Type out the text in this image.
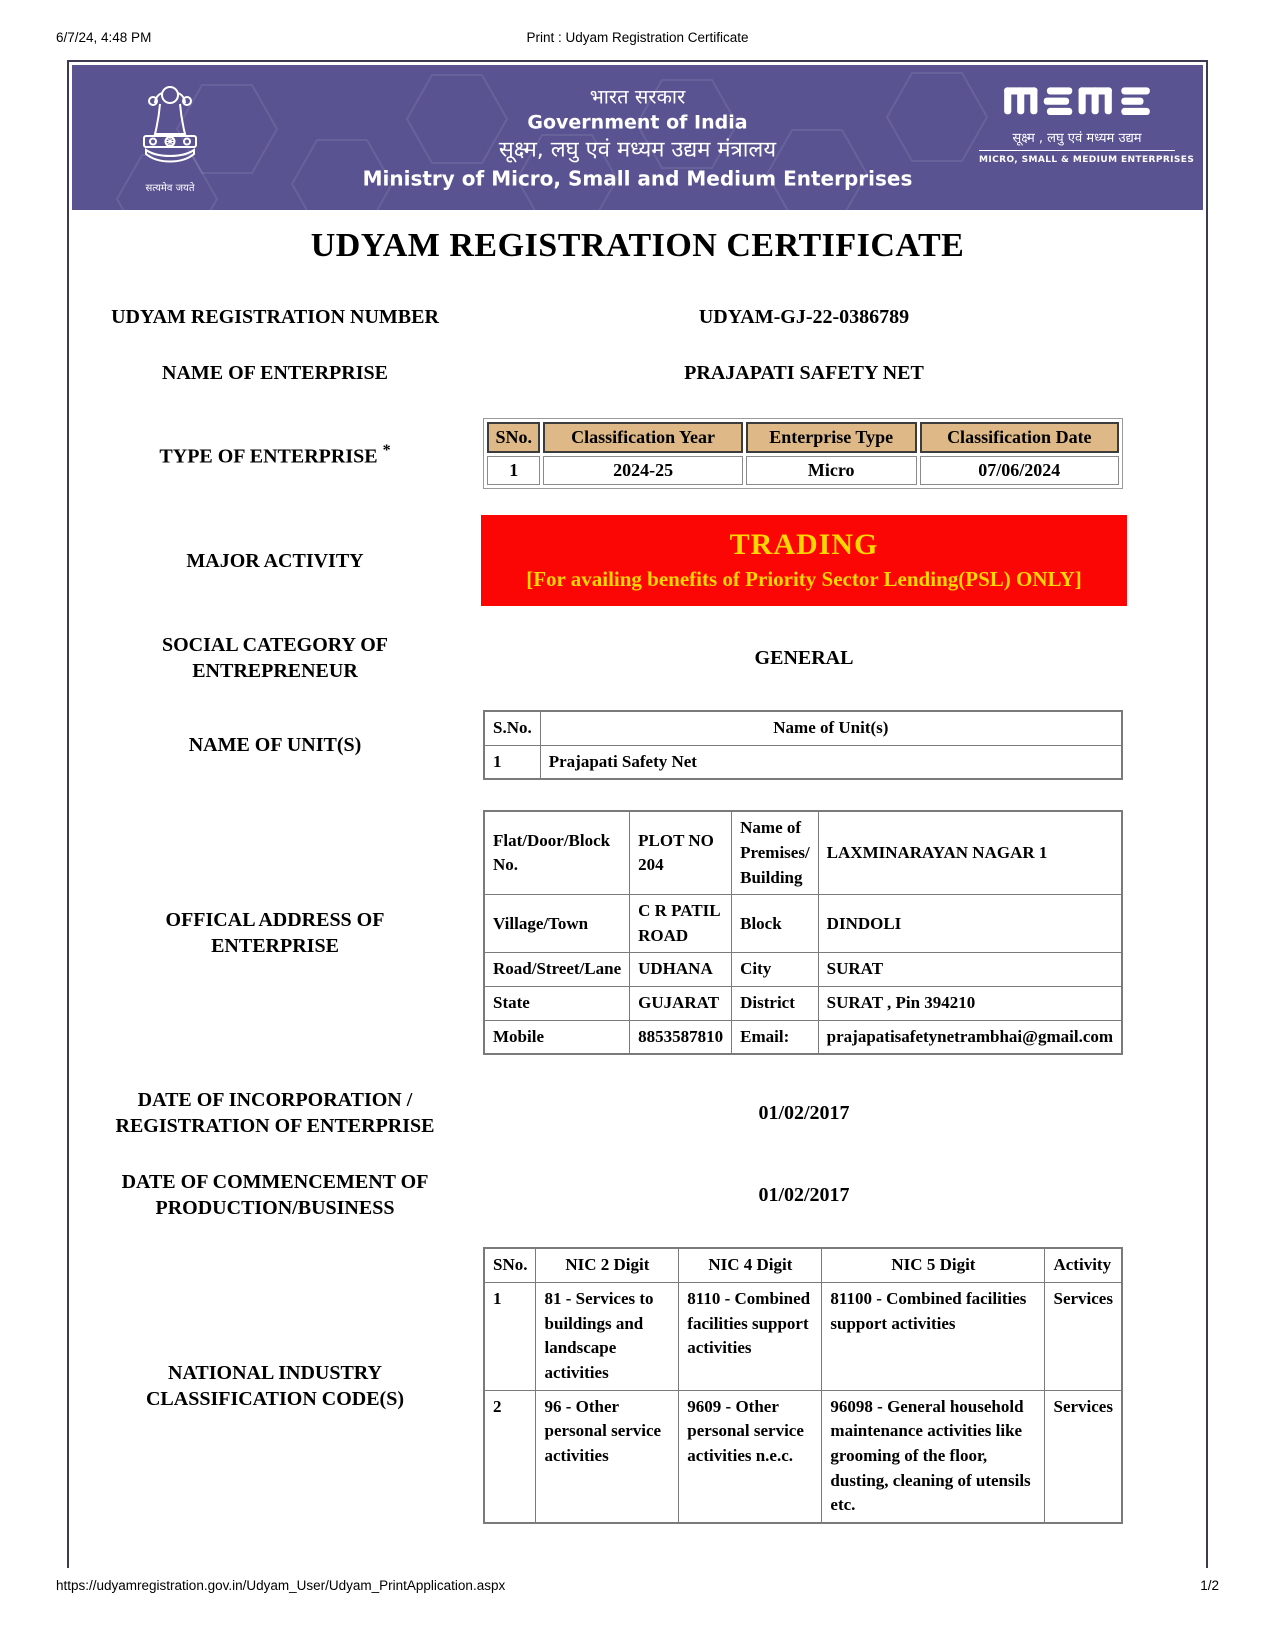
6/7/24, 4:48 PM	Print : Udyam Registration Certificate
सत्यमेव जयते
भारत सरकार
Government of India
सूक्ष्म, लघु एवं मध्यम उद्यम मंत्रालय
Ministry of Micro, Small and Medium Enterprises
सूक्ष्म , लघु एवं मध्यम उद्यम
MICRO, SMALL & MEDIUM ENTERPRISES
UDYAM REGISTRATION CERTIFICATE
UDYAM REGISTRATION NUMBER	UDYAM-GJ-22-0386789
NAME OF ENTERPRISE	PRAJAPATI SAFETY NET
TYPE OF ENTERPRISE *
SNo.	Classification Year	Enterprise Type	Classification Date
1	2024-25	Micro	07/06/2024
MAJOR ACTIVITY	TRADING
[For availing benefits of Priority Sector Lending(PSL) ONLY]
SOCIAL CATEGORY OF
ENTREPRENEUR
GENERAL
NAME OF UNIT(S)
S.No.	Name of Unit(s)
1	Prajapati Safety Net
OFFICAL ADDRESS OF
ENTERPRISE
Flat/Door/Block No.	PLOT NO 204	Name of Premises/ Building	LAXMINARAYAN NAGAR 1
Village/Town	C R PATIL ROAD	Block	DINDOLI
Road/Street/Lane	UDHANA	City	SURAT
State	GUJARAT	District	SURAT , Pin 394210
Mobile	8853587810	Email:	prajapatisafetynetrambhai@gmail.com
DATE OF INCORPORATION /
REGISTRATION OF ENTERPRISE
01/02/2017
DATE OF COMMENCEMENT OF
PRODUCTION/BUSINESS
01/02/2017
NATIONAL INDUSTRY
CLASSIFICATION CODE(S)
SNo.	NIC 2 Digit	NIC 4 Digit	NIC 5 Digit	Activity
1	81 - Services to buildings and landscape activities	8110 - Combined facilities support activities	81100 - Combined facilities support activities	Services
2	96 - Other personal service activities	9609 - Other personal service activities n.e.c.	96098 - General household maintenance activities like grooming of the floor, dusting, cleaning of utensils etc.	Services
https://udyamregistration.gov.in/Udyam_User/Udyam_PrintApplication.aspx	1/2
